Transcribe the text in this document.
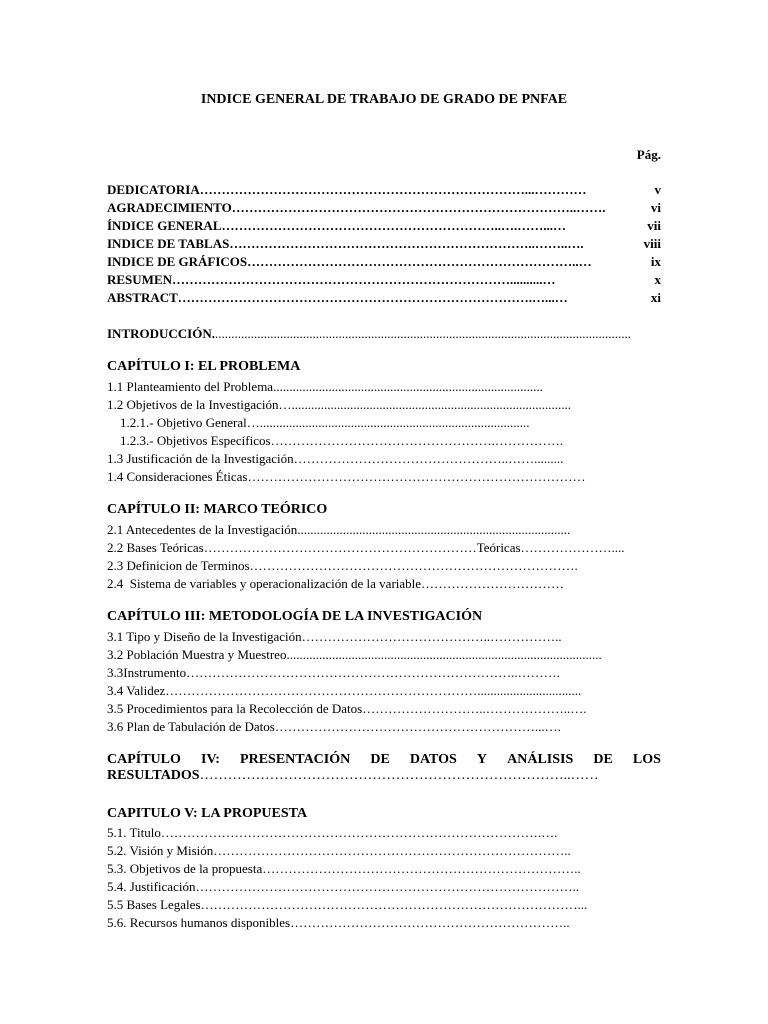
INDICE GENERAL DE TRABAJO DE GRADO DE PNFAE
Pág.
DEDICATORIA…………………………………………………………………...…………	v
AGRADECIMIENTO……………………………………………………………………..…….	vi
ÍNDICE GENERAL………………………………………………………..….……...…	vii
INDICE DE TABLAS……………………………………………………………..……..….	viii
INDICE DE GRÁFICOS…………………………………………………………………..…	ix
RESUMEN……………………………………………………………………..........…	x
ABSTRACT……………………………………………………………………….…...…	xi
INTRODUCCIÓN.................................................................................................................................
CAPÍTULO I: EL PROBLEMA
1.1 Planteamiento del Problema...................................................................................
1.2 Objetivos de la Investigación…......................................................................................
1.2.1.- Objetivo General…...................................................................................
1.2.3.- Objetivos Específicos…………………………………………….…………….
1.3 Justificación de la Investigación…………………………………………..…….........
1.4 Consideraciones Éticas……………………………………………………………………
CAPÍTULO II: MARCO TEÓRICO
2.1 Antecedentes de la Investigación....................................................................................
2.2 Bases Teóricas………………………………………………………Teóricas…………………....
2.3 Definicion de Terminos………………………………………………………………….
2.4  Sistema de variables y operacionalización de la variable……………………………
CAPÍTULO III: METODOLOGÍA DE LA INVESTIGACIÓN
3.1 Tipo y Diseño de la Investigación……………………………………..……………..
3.2 Población Muestra y Muestreo.................................................................................................
3.3Instrumento…………………………………………………………………..……….
3.4 Validez………………………………………………………………................................
3.5 Procedimientos para la Recolección de Datos………………………..………………..….
3.6 Plan de Tabulación de Datos……………………………………………………...….
CAPÍTULO IV: PRESENTACIÓN DE DATOS Y ANÁLISIS DE LOS
RESULTADOS……………………………………………………………………..……
CAPITULO V: LA PROPUESTA
5.1. Titulo…………………………………………………………………………….….
5.2. Visión y Misión………………………………………………………………………..
5.3. Objetivos de la propuesta………………………………………………………………..
5.4. Justificación……………………………………………………………………………..
5.5 Bases Legales……………………………………………………………………………...
5.6. Recursos humanos disponibles………………………………………………………..
